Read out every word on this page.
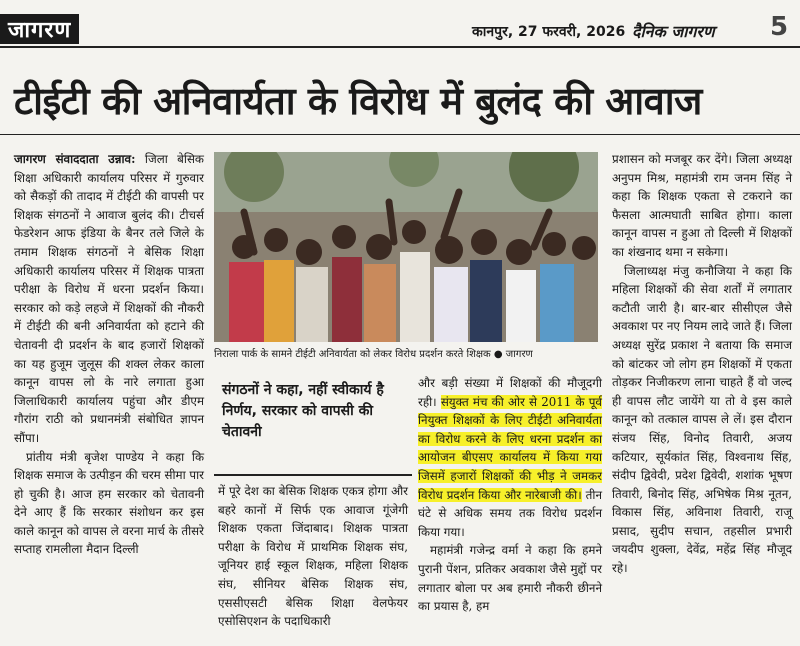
जागरण	कानपुर, 27 फरवरी, 2026 दैनिक जागरण 5
टीईटी की अनिवार्यता के विरोध में बुलंद की आवाज
जागरण संवाददाता उन्नाव: जिला बेसिक शिक्षा अधिकारी कार्यालय परिसर में गुरुवार को सैकड़ों की तादाद में टीईटी की वापसी पर शिक्षक संगठनों ने आवाज बुलंद की। टीचर्स फेडरेशन आफ इंडिया के बैनर तले जिले के तमाम शिक्षक संगठनों ने बेसिक शिक्षा अधिकारी कार्यालय परिसर में शिक्षक पात्रता परीक्षा के विरोध में धरना प्रदर्शन किया। सरकार को कड़े लहजे में शिक्षकों की नौकरी में टीईटी की बनी अनिवार्यता को हटाने की चेतावनी दी प्रदर्शन के बाद हजारों शिक्षकों का यह हुजूम जुलूस की शक्ल लेकर काला कानून वापस लो के नारे लगाता हुआ जिलाधिकारी कार्यालय पहुंचा और डीएम गौरांग राठी को प्रधानमंत्री संबोधित ज्ञापन सौंपा।
प्रांतीय मंत्री बृजेश पाण्डेय ने कहा कि शिक्षक समाज के उत्पीड़न की चरम सीमा पार हो चुकी है। आज हम सरकार को चेतावनी देने आए हैं कि सरकार संशोधन कर इस काले कानून को वापस ले वरना मार्च के तीसरे सप्ताह रामलीला मैदान दिल्ली
निराला पार्क के सामने टीईटी अनिवार्यता को लेकर विरोध प्रदर्शन करते शिक्षक ● जागरण
संगठनों ने कहा, नहीं स्वीकार्य है निर्णय, सरकार को वापसी की चेतावनी
में पूरे देश का बेसिक शिक्षक एकत्र होगा और बहरे कानों में सिर्फ एक आवाज गूंजेगी शिक्षक एकता जिंदाबाद। शिक्षक पात्रता परीक्षा के विरोध में प्राथमिक शिक्षक संघ, जूनियर हाई स्कूल शिक्षक, महिला शिक्षक संघ, सीनियर बेसिक शिक्षक संघ, एससीएसटी बेसिक शिक्षा वेलफेयर एसोसिएशन के पदाधिकारी
और बड़ी संख्या में शिक्षकों की मौजूदगी रही। संयुक्त मंच की ओर से 2011 के पूर्व नियुक्त शिक्षकों के लिए टीईटी अनिवार्यता का विरोध करने के लिए धरना प्रदर्शन का आयोजन बीएसए कार्यालय में किया गया जिसमें हजारों शिक्षकों की भीड़ ने जमकर विरोध प्रदर्शन किया और नारेबाजी की। तीन घंटे से अधिक समय तक विरोध प्रदर्शन किया गया।
महामंत्री गजेन्द्र वर्मा ने कहा कि हमने पुरानी पेंशन, प्रतिकर अवकाश जैसे मुद्दों पर लगातार बोला पर अब हमारी नौकरी छीनने का प्रयास है, हम
प्रशासन को मजबूर कर देंगे। जिला अध्यक्ष अनुपम मिश्र, महामंत्री राम जनम सिंह ने कहा कि शिक्षक एकता से टकराने का फैसला आत्मघाती साबित होगा। काला कानून वापस न हुआ तो दिल्ली में शिक्षकों का शंखनाद थमा न सकेगा।
जिलाध्यक्ष मंजु कनौजिया ने कहा कि महिला शिक्षकों की सेवा शर्तों में लगातार कटौती जारी है। बार-बार सीसीएल जैसे अवकाश पर नए नियम लादे जाते हैं। जिला अध्यक्ष सुरेंद्र प्रकाश ने बताया कि समाज को बांटकर जो लोग हम शिक्षकों में एकता तोड़कर निजीकरण लाना चाहते हैं वो जल्द ही वापस लौट जायेंगे या तो वे इस काले कानून को तत्काल वापस ले लें। इस दौरान संजय सिंह, विनोद तिवारी, अजय कटियार, सूर्यकांत सिंह, विश्वनाथ सिंह, संदीप द्विवेदी, प्रदेश द्विवेदी, शशांक भूषण तिवारी, बिनोद सिंह, अभिषेक मिश्र नूतन, विकास सिंह, अविनाश तिवारी, राजू प्रसाद, सुदीप सचान, तहसील प्रभारी जयदीप शुक्ला, देवेंद्र, महेंद्र सिंह मौजूद रहे।
